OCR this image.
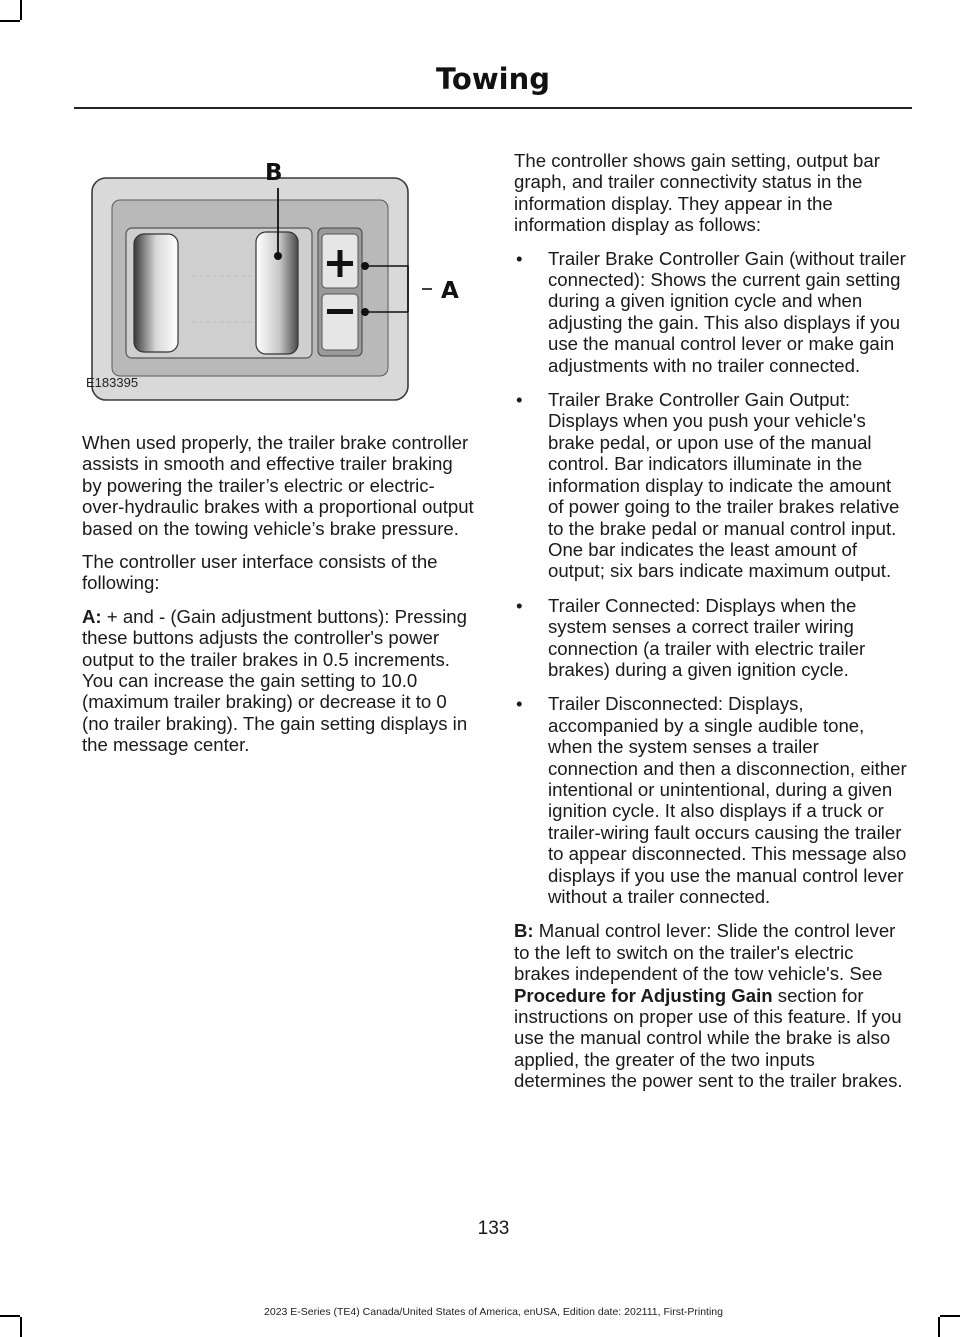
Towing
A
B
E183395

When used properly, the trailer brake controller assists in smooth and effective trailer braking by powering the trailer’s electric or electric-over-hydraulic brakes with a proportional output based on the towing vehicle’s brake pressure.

The controller user interface consists of the following:

A: + and - (Gain adjustment buttons): Pressing these buttons adjusts the controller's power output to the trailer brakes in 0.5 increments. You can increase the gain setting to 10.0 (maximum trailer braking) or decrease it to 0 (no trailer braking). The gain setting displays in the message center.

The controller shows gain setting, output bar graph, and trailer connectivity status in the information display. They appear in the information display as follows:

• Trailer Brake Controller Gain (without trailer connected): Shows the current gain setting during a given ignition cycle and when adjusting the gain. This also displays if you use the manual control lever or make gain adjustments with no trailer connected.
• Trailer Brake Controller Gain Output: Displays when you push your vehicle's brake pedal, or upon use of the manual control. Bar indicators illuminate in the information display to indicate the amount of power going to the trailer brakes relative to the brake pedal or manual control input. One bar indicates the least amount of output; six bars indicate maximum output.
• Trailer Connected: Displays when the system senses a correct trailer wiring connection (a trailer with electric trailer brakes) during a given ignition cycle.
• Trailer Disconnected: Displays, accompanied by a single audible tone, when the system senses a trailer connection and then a disconnection, either intentional or unintentional, during a given ignition cycle. It also displays if a truck or trailer-wiring fault occurs causing the trailer to appear disconnected. This message also displays if you use the manual control lever without a trailer connected.

B: Manual control lever: Slide the control lever to the left to switch on the trailer's electric brakes independent of the tow vehicle's. See Procedure for Adjusting Gain section for instructions on proper use of this feature. If you use the manual control while the brake is also applied, the greater of the two inputs determines the power sent to the trailer brakes.

133
2023 E-Series (TE4) Canada/United States of America, enUSA, Edition date: 202111, First-Printing
